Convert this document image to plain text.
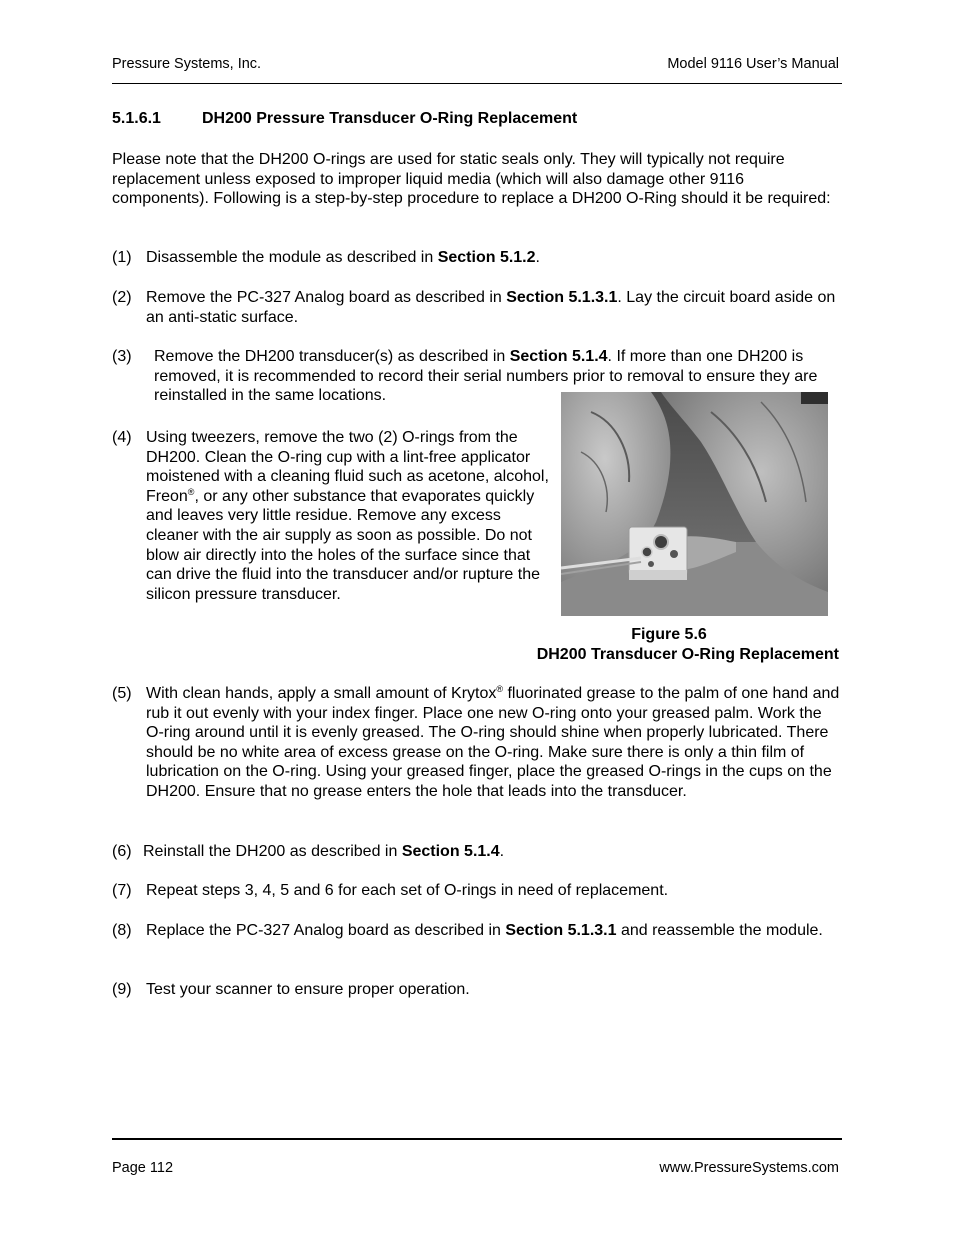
Pressure Systems, Inc.	Model 9116 User’s Manual
5.1.6.1	DH200 Pressure Transducer O-Ring Replacement
Please note that the DH200 O-rings are used for static seals only. They will typically not require replacement unless exposed to improper liquid media (which will also damage other 9116 components). Following is a step-by-step procedure to replace a DH200 O-Ring should it be required:
(1) Disassemble the module as described in Section 5.1.2.
(2) Remove the PC-327 Analog board as described in Section 5.1.3.1. Lay the circuit board aside on an anti-static surface.
(3) Remove the DH200 transducer(s) as described in Section 5.1.4. If more than one DH200 is removed, it is recommended to record their serial numbers prior to removal to ensure they are reinstalled in the same locations.
(4) Using tweezers, remove the two (2) O-rings from the DH200. Clean the O-ring cup with a lint-free applicator moistened with a cleaning fluid such as acetone, alcohol, Freon®, or any other substance that evaporates quickly and leaves very little residue. Remove any excess cleaner with the air supply as soon as possible. Do not blow air directly into the holes of the surface since that can drive the fluid into the transducer and/or rupture the silicon pressure transducer.
Figure 5.6
DH200 Transducer O-Ring Replacement
(5) With clean hands, apply a small amount of Krytox® fluorinated grease to the palm of one hand and rub it out evenly with your index finger. Place one new O-ring onto your greased palm. Work the O-ring around until it is evenly greased. The O-ring should shine when properly lubricated. There should be no white area of excess grease on the O-ring. Make sure there is only a thin film of lubrication on the O-ring. Using your greased finger, place the greased O-rings in the cups on the DH200. Ensure that no grease enters the hole that leads into the transducer.
(6) Reinstall the DH200 as described in Section 5.1.4.
(7) Repeat steps 3, 4, 5 and 6 for each set of O-rings in need of replacement.
(8) Replace the PC-327 Analog board as described in Section 5.1.3.1 and reassemble the module.
(9) Test your scanner to ensure proper operation.
Page 112	www.PressureSystems.com
